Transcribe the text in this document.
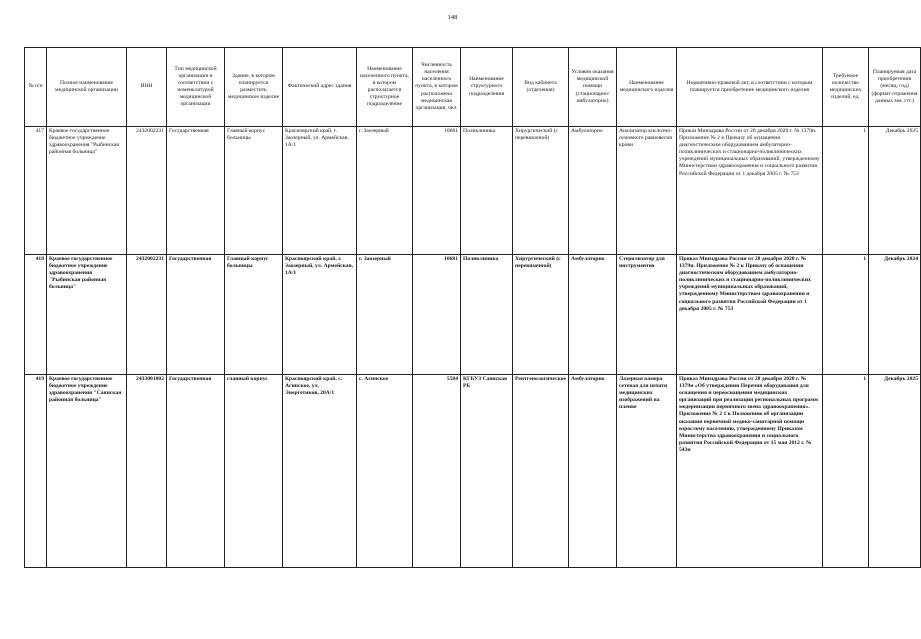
148
№ п/п	Полное наименование медицинской организации	ИНН	Тип медицинской организации в соответствии с номенклатурой медицинской организации	Здание, в котором планируется разместить медицинское изделие	Фактический адрес здания	Наименование населенного пункта, в котором располагается структурное подразделение	Численность населения населенного пункта, в котором расположена медицинская организация, чел.	Наименование структурного подразделения	Вид кабинета (отделения)	Условия оказания медицинской помощи (стационарно/амбулаторно)	Наименование медицинского изделия	Нормативно-правовой акт, в соответствии с которым планируется приобретение медицинского изделия	Требуемое количество медицинских изделий, ед.	Планируемая дата приобретения (месяц, год) (формат отражения данных мм. ггг.)
417	Краевое государственное бюджетное учреждение здравоохранения "Рыбинская районная больница"	2432002231	Государственная	Главный корпус больницы	Красноярский край, г. Заозерный, ул. Армейская, 1А/1	г. Заозерный	10681	Поликлиника	Хирургический (с перевязочной)	Амбулаторно	Анализатор кислотно-основного равновесия крови	Приказ Минздрава России от 28 декабря 2020 г. № 1379н. Приложение № 2 к Приказу об оснащении диагностическим оборудованием амбулаторно-поликлинических и стационарно-поликлинических учреждений муниципальных образований, утвержденному Министерством здравоохранения и социального развития Российской Федерации от 1 декабря 2005 г. № 753	1	Декабрь 2025
418	Краевое государственное бюджетное учреждение здравоохранения "Рыбинская районная больница"	2432002231	Государственная	Главный корпус больницы	Красноярский край, г. Заозерный, ул. Армейская, 1А/1	г. Заозерный	10681	Поликлиника	Хирургический (с перевязочной)	Амбулаторно	Стерилизатор для инструментов	Приказ Минздрава России от 28 декабря 2020 г. № 1379н. Приложение № 2 к Приказу об оснащении диагностическим оборудованием амбулаторно-поликлинических и стационарно-поликлинических учреждений муниципальных образований, утвержденному Министерством здравоохранения и социального развития Российской Федерации от 1 декабря 2005 г. № 753	1	Декабрь 2024
419	Краевое государственное бюджетное учреждение здравоохранения "Саянская районная больница"	2433001002	Государственная	главный корпус	Красноярский край, с. Агинское, ул. Энергетиков, 20А/1	с. Агинское	5584	КГБУЗ Саянская РБ	Рентгенологическое	Амбулаторно	Лазерная камера сетевая для печати медицинских изображений на пленке	Приказ Минздрава России от 28 декабря 2020 г. № 1379н «Об утверждении Перечня оборудования для оснащения и переоснащения медицинских организаций при реализации региональных программ модернизации первичного звена здравоохранения». Приложение № 2 1 к Положению об организации оказания первичной медико-санитарной помощи взрослому населению, утвержденному Приказом Министерства здравоохранения и социального развития Российской Федерации от 15 мая 2012 г. № 543н	1	Декабрь 2025
